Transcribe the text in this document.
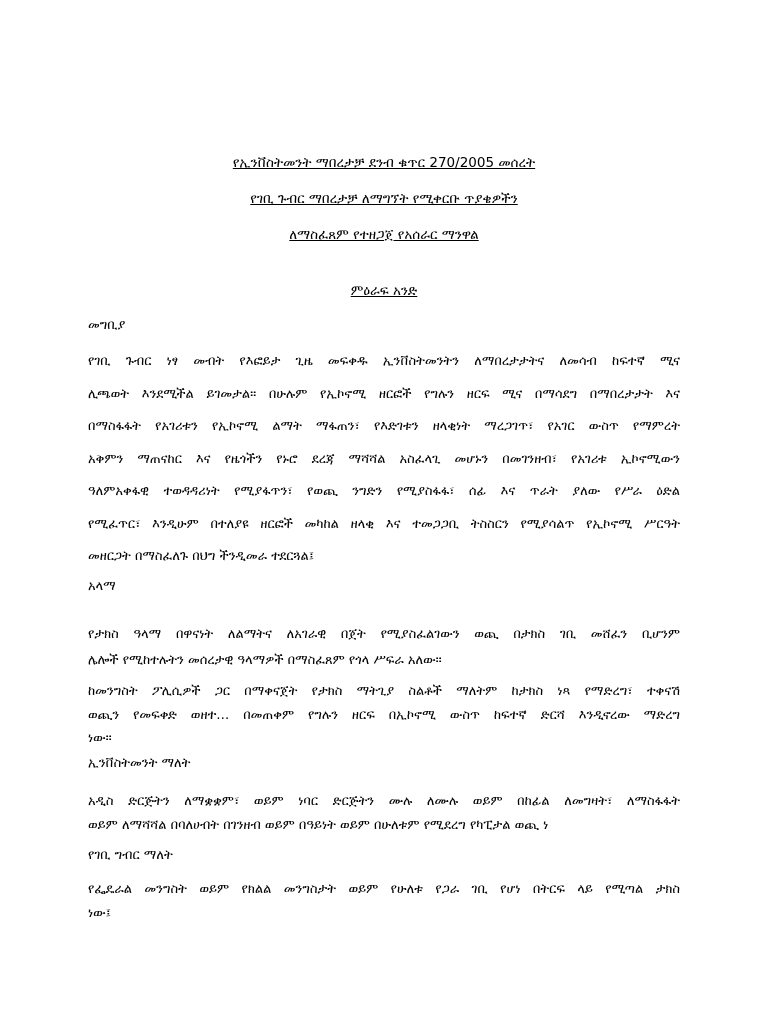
የኢንቨስትመንት ማበረታቻ ደንብ ቁጥር 270/2005 መሰረት
የገቢ ጉብር ማበረታቻ ለማግኘት የሚቀርቡ ጥያቄዎችን
ለማስፈጸም የተዘጋጀ የአሰራር ማንዋል
ምዕራፍ አንድ
መግቢያ
የገቢ ጉብር ነፃ መብት የእፎይታ ጊዜ መፍቀዱ ኢንቨስትመንትን ለማበረታታትና ለመሳብ ከፍተኛ ሚና
ሊጫወት እንደሚችል ይገመታል። በሁሉም የኢኮኖሚ ዘርፎች የግሉን ዘርፍ ሚና በማሳደግ በማበረታታት እና
በማስፋፋት የአገሪቱን የኢኮኖሚ ልማት ማፋጠን፣ የእድገቱን ዘላቂነት ማረጋገጥ፣ የአገር ውስጥ የማምረት
አቅምን ማጠናከር እና የዜጎችን የኑሮ ደረጃ ማሻሻል አስፈላጊ መሆኑን በመገንዘብ፣ የአገሪቱ ኢኮኖሚውን
ዓለምአቀፋዊ ተወዳዳሪነት የሚያፋጥን፣ የወጪ ንግድን የሚያስፋፋ፣ ሰፊ እና ጥራት ያለው የሥራ ዕድል
የሚፈጥር፣ እንዲሁም በተለያዩ ዘርፎች መካከል ዘላቂ እና ተመጋጋቢ ትስስርን የሚያሳልጥ የኢኮኖሚ ሥርዓት
መዘርጋት በማስፈለጉ በህግ ችንዲመራ ተደርጓል፤
አላማ
የታክስ ዓላማ በዋናነት ለልማትና ለአገራዊ በጀት የሚያስፈልገውን ወጪ በታክስ ገቢ መሸፈን ቢሆንም
ሌሎች የሚከተሉትን መሰረታዊ ዓላማዎች በማስፈጸም የጎላ ሥፍራ አለው።
ከመንግስት ፖሊሲዎች ጋር በማቀናጀት የታክስ ማትጊያ ስልቶች ማለትም ከታክስ ነጻ የማድረግ፣ ተቀናሽ
ወጪን የመፍቀድ ወዘተ… በመጠቀም የግሉን ዘርፍ በኢኮኖሚ ውስጥ ከፍተኛ ድርሻ እንዲኖረው ማድረግ
ነው።
ኢንቨስትመንት ማለት
አዲስ ድርጅትን ለማቋቋም፣ ወይም ነባር ድርጅትን ሙሉ ለሙሉ ወይም በከፊል ለመግዛት፣ ለማስፋፋት
ወይም ለማሻሻል በባለሀብት በገንዘብ ወይም በዓይነት ወይም በሁለቱም የሚደረግ የካፒታል ወጪ ነ
የገቢ ግብር ማለት
የፌዴራል መንግስት ወይም የክልል መንግስታት ወይም የሁለቱ የጋራ ገቢ የሆነ በትርፍ ላይ የሚጣል ታክስ
ነው፤
